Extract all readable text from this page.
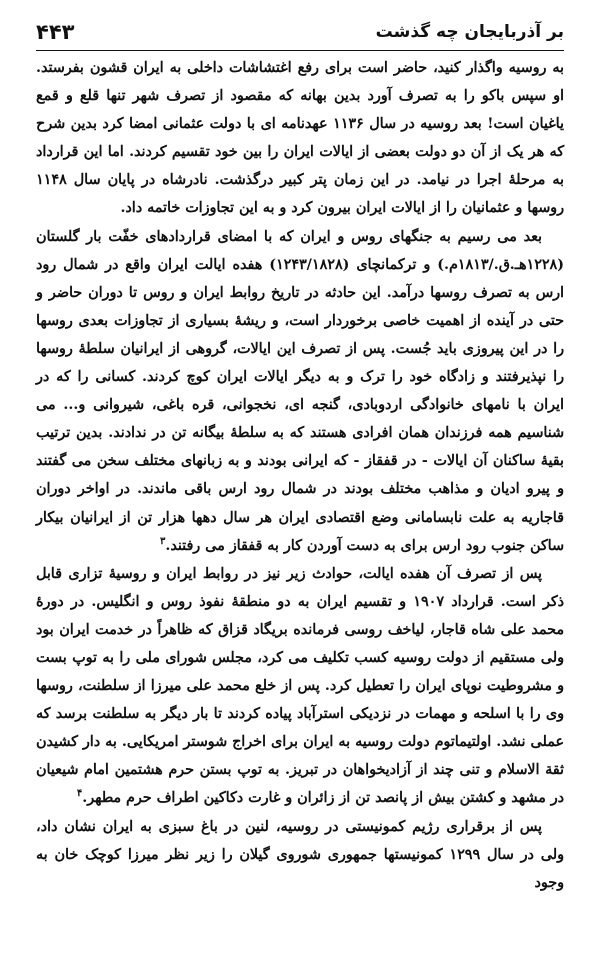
۴۴۳	بر آذربایجان چه گذشت

به روسیه واگذار کنید، حاضر است برای رفع اغتشاشات داخلی به ایران قشون بفرستد. او سپس باکو را به تصرف آورد بدین بهانه که مقصود از تصرف شهر تنها قلع و قمع یاغیان است! بعد روسیه در سال ۱۱۳۶ عهدنامه ای با دولت عثمانی امضا کرد بدین شرح که هر یک از آن دو دولت بعضی از ایالات ایران را بین خود تقسیم کردند. اما این قرارداد به مرحلهٔ اجرا در نیامد. در این زمان پتر کبیر درگذشت. نادرشاه در پایان سال ۱۱۴۸ روسها و عثمانیان را از ایالات ایران بیرون کرد و به این تجاوزات خاتمه داد.

بعد می رسیم به جنگهای روس و ایران که با امضای قراردادهای خفّت بار گلستان (۱۲۲۸هـ.ق./۱۸۱۳م.) و ترکمانچای (۱۲۴۳/۱۸۲۸) هفده ایالت ایران واقع در شمال رود ارس به تصرف روسها درآمد. این حادثه در تاریخ روابط ایران و روس تا دوران حاضر و حتی در آینده از اهمیت خاصی برخوردار است، و ریشهٔ بسیاری از تجاوزات بعدی روسها را در این پیروزی باید جُست. پس از تصرف این ایالات، گروهی از ایرانیان سلطهٔ روسها را نپذیرفتند و زادگاه خود را ترک و به دیگر ایالات ایران کوچ کردند. کسانی را که در ایران با نامهای خانوادگی اردوبادی، گنجه ای، نخجوانی، قره باغی، شیروانی و... می شناسیم همه فرزندان همان افرادی هستند که به سلطهٔ بیگانه تن در ندادند. بدین ترتیب بقیهٔ ساکنان آن ایالات - در قفقاز - که ایرانی بودند و به زبانهای مختلف سخن می گفتند و پیرو ادیان و مذاهب مختلف بودند در شمال رود ارس باقی ماندند. در اواخر دوران قاجاریه به علت نابسامانی وضع اقتصادی ایران هر سال دهها هزار تن از ایرانیان بیکار ساکن جنوب رود ارس برای به دست آوردن کار به قفقاز می رفتند.$^۳$

پس از تصرف آن هفده ایالت، حوادث زیر نیز در روابط ایران و روسیهٔ تزاری قابل ذکر است. قرارداد ۱۹۰۷ و تقسیم ایران به دو منطقهٔ نفوذ روس و انگلیس. در دورهٔ محمد علی شاه قاجار، لیاخف روسی فرمانده بریگاد قزاق که ظاهراً در خدمت ایران بود ولی مستقیم از دولت روسیه کسب تکلیف می کرد، مجلس شورای ملی را به توپ بست و مشروطیت نوپای ایران را تعطیل کرد. پس از خلع محمد علی میرزا از سلطنت، روسها وی را با اسلحه و مهمات در نزدیکی استرآباد پیاده کردند تا بار دیگر به سلطنت برسد که عملی نشد. اولتیماتوم دولت روسیه به ایران برای اخراج شوستر امریکایی. به دار کشیدن ثقة الاسلام و تنی چند از آزادیخواهان در تبریز. به توپ بستن حرم هشتمین امام شیعیان در مشهد و کشتن بیش از پانصد تن از زائران و غارت دکاکین اطراف حرم مطهر.$^۴$

پس از برقراری رژیم کمونیستی در روسیه، لنین در باغ سبزی به ایران نشان داد، ولی در سال ۱۲۹۹ کمونیستها جمهوری شوروی گیلان را زیر نظر میرزا کوچک خان به وجود
